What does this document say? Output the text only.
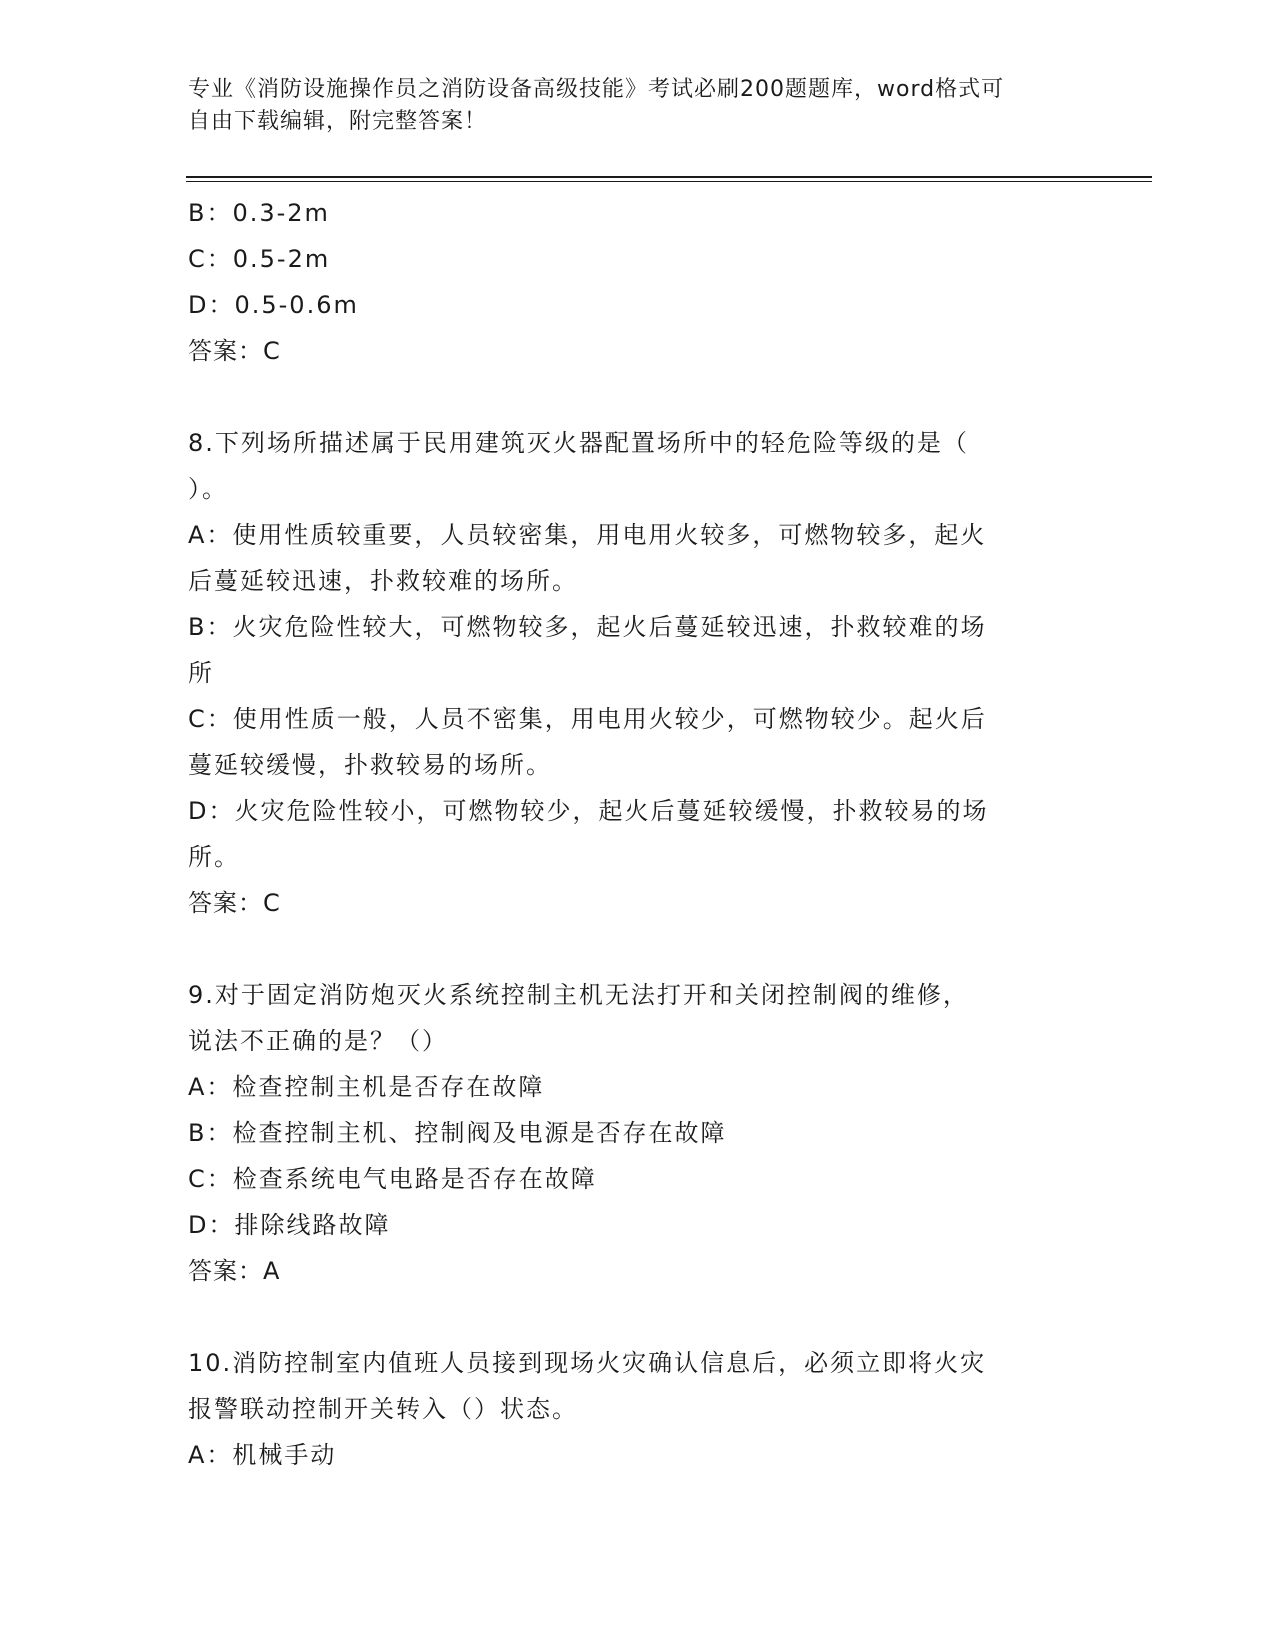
专业《消防设施操作员之消防设备高级技能》考试必刷200题题库，word格式可
自由下载编辑，附完整答案！
B：0.3-2m
C：0.5-2m
D：0.5-0.6m
答案：C
8.下列场所描述属于民用建筑灭火器配置场所中的轻危险等级的是（
）。
A：使用性质较重要，人员较密集，用电用火较多，可燃物较多，起火
后蔓延较迅速，扑救较难的场所。
B：火灾危险性较大，可燃物较多，起火后蔓延较迅速，扑救较难的场
所
C：使用性质一般，人员不密集，用电用火较少，可燃物较少。起火后
蔓延较缓慢，扑救较易的场所。
D：火灾危险性较小，可燃物较少，起火后蔓延较缓慢，扑救较易的场
所。
答案：C
9.对于固定消防炮灭火系统控制主机无法打开和关闭控制阀的维修，
说法不正确的是？（）
A：检查控制主机是否存在故障
B：检查控制主机、控制阀及电源是否存在故障
C：检查系统电气电路是否存在故障
D：排除线路故障
答案：A
10.消防控制室内值班人员接到现场火灾确认信息后，必须立即将火灾
报警联动控制开关转入（）状态。
A：机械手动
